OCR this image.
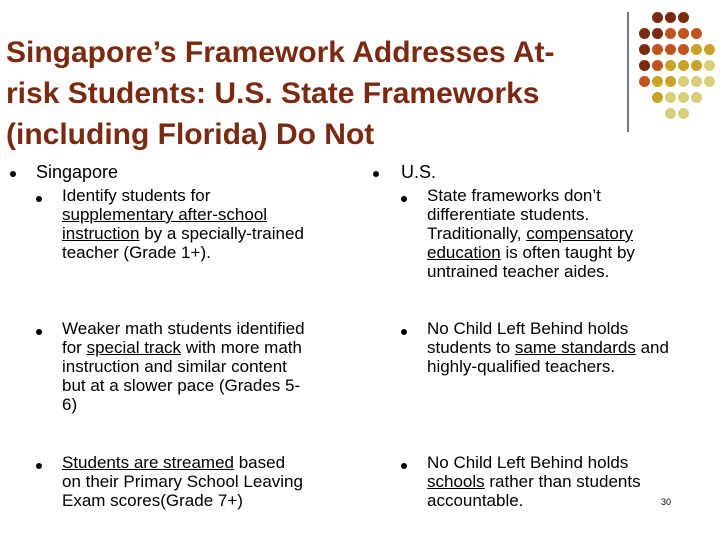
Singapore’s Framework Addresses At-
risk Students: U.S. State Frameworks
(including Florida) Do Not
Singapore
Identify students for
supplementary after-school
instruction by a specially-trained
teacher (Grade 1+).
Weaker math students identified
for special track with more math
instruction and similar content
but at a slower pace (Grades 5-
6)
Students are streamed based
on their Primary School Leaving
Exam scores(Grade 7+)
U.S.
State frameworks don’t
differentiate students.
Traditionally, compensatory
education is often taught by
untrained teacher aides.
No Child Left Behind holds
students to same standards and
highly-qualified teachers.
No Child Left Behind holds
schools rather than students
accountable.	30
